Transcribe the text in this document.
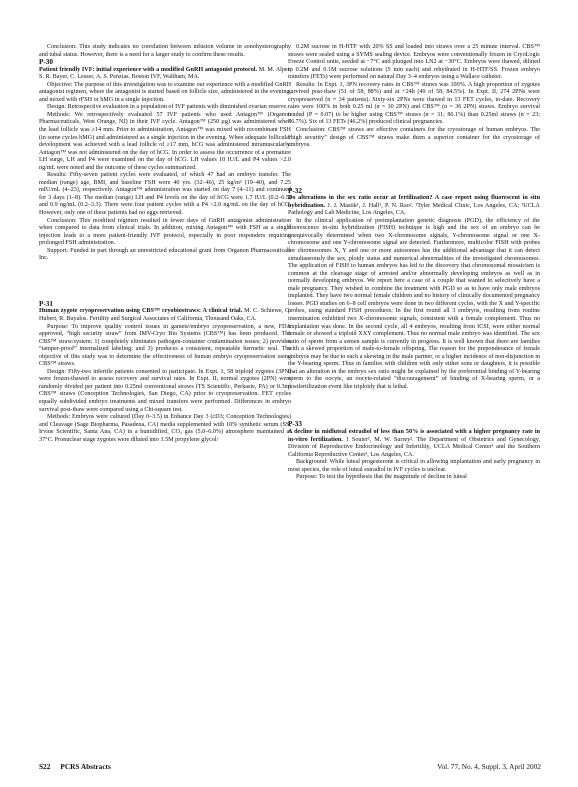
Conclusion: This study indicates no correlation between infusion volume in sonohysterography and tubal status. However, there is a need for a larger study to confirm these results.

P-30

Patient friendly IVF: initial experience with a modified GnRH antagonist protocol. M. M. Alper, S. R. Bayer, C. Lesser, A. S. Penzias. Boston IVF, Waltham, MA.

Objective: The purpose of this investigation was to examine our experience with a modified GnRH antagonist regimen, where the antagonist is started based on follicle size, administered in the evening, and mixed with rFSH or hMG in a single injection.

Design: Retrospective evaluation in a population of IVF patients with diminished ovarian reserve.

Methods: We retrospectively evaluated 57 IVF patients who used Antagon™ (Organon Pharmaceuticals, West Orange, NJ) in their IVF cycle. Antagon™ (250 µg) was administered when the lead follicle was ≥14 mm. Prior to administration, Antagon™ was mixed with recombinant FSH (in some cycles hMG) and administered as a single injection in the evening. When adequate follicular development was achieved with a lead follicle of ≥17 mm, hCG was administered intramuscularly. Antagon™ was not administered on the day of hCG. In order to assess the occurrence of a premature LH surge, LH and P4 were examined on the day of hCG. LH values 10 IU/L and P4 values >2.0 ng/mL were noted and the outcome of these cycles summarized.

Results: Fifty-seven patient cycles were evaluated, of which 47 had an embryo transfer. The median (range) age, BMI, and baseline FSH were 40 yrs. (32–46), 25 kg/m² (19–40), and 7.25 mIU/mL (4–23), respectively. Antagon™ administration was started on day 7 (4–11) and continued for 3 days (1–8). The median (range) LH and P4 levels on the day of hCG were 1.7 IU/L (0.2–6.5) and 0.9 ng/mL (0.2–3.3). There were four patient cycles with a P4 >2.0 ng/mL on the day of hCG. However, only one of these patients had no eggs retrieved.

Conclusion: This modified regimen resulted in fewer days of GnRH antagonist administration when compared to data from clinical trials. In addition, mixing Antagon™ with FSH as a single injection leads to a more patient-friendly IVF protocol, especially in poor responders requiring prolonged FSH administration.

Support: Funded in part through an unrestricted educational grant from Organon Pharmaceuticals Inc.

P-31

Human zygote cryopreservation using CBS™ cryobiostraws: A clinical trial. M. C. Schiewe, G. Hubert, R. Buyalos. Fertility and Surgical Associates of California, Thousand Oaks, CA.

Purpose: To improve quality control issues in gamete/embryo cryopreservation, a new, FDA approved, “high security straw” from IMV-Cryo Bio Systems (CBS™) has been produced. The CBS™ straw/system: 1) completely eliminates pathogen-container contamination issues; 2) provides “tamper-proof” internalized labeling; and 3) produces a consistent, repeatable hermetic seal. The objective of this study was to determine the effectiveness of human embryo cryopreservation using CBS™ straws.

Design: Fifty-two infertile patients consented to participate. In Expt. 1, 58 triploid zygotes (3PN) were frozen-thawed to assess recovery and survival rates. In Expt. II, normal zygotes (2PN) were randomly divided per patient into 0.25ml conventional straws (TS Scientific, Perkasie, PA) or 0.3ml CBS™ straws (Conception Technologies, San Diego, CA) prior to cryopreservation. FET cycles equally subdivided embryo treatments and mixed transfers were performed. Differences in embryo survival post-thaw were compared using a Chi-square test.

Methods: Embryos were cultured (Day 0–3.5) in Enhance Day 3 (cD3; Conception Technologies) and Cleavage (Sage Biopharma, Pasadena, CA) media supplemented with 10% synthetic serum (SS; Irvine Scientific, Santa Ana, CA) in a humidified, CO₂ gas (5.0–6.0%) atmosphere maintained at 37°C. Pronuclear stage zygotes were diluted into 1.5M propylene glycol/

0.2M sucrose in H-HTF with 20% SS and loaded into straws over a 25 minute interval. CBS™ straws were sealed using a SYMS sealing device. Embryos were conventionally frozen in CryoLogic Freeze Control units, seeded at −7°C and plunged into LN2 at −30°C. Embryos were thawed, diluted in 0.2M and 0.1M sucrose solutions (5 min each) and rehydrated in H-HTF/SS. Frozen embryo transfers (FETs) were performed on natural Day 3–4 embryos using a Wallace catheter.

Results: In Expt. 1, 3PN recovery rates in CBS™ straws was 100%. A high proportion of zygotes survived post-thaw (51 of 58, 88%) and at +24h (49 of 58, 84.5%). In Expt. II, 274 2PNs were cryopreserved (n = 34 patients). Sixty-six 2PNs were thawed in 13 FET cycles, to-date. Recovery rates were 100% in both 0.25 ml (n = 30 2PN) and CBS™ (n = 36 2PN) straws. Embryo survival tended (P = 0.07) to be higher using CBS™ straws (n = 31; 86.1%) than 0.25ml straws (n = 23; 76.7%). Six of 13 FETs (46.2%) produced clinical pregnancies.

Conclusion: CBS™ straws are effective containers for the cryostorage of human embryos. The “high security” design of CBS™ straws make them a superior container for the cryostorage of embryos.

P-32

Do alterations in the sex ratio occur at fertilization? A case report using fluorescent in situ hybridization. J. J. Mastik¹, J. Hall¹, P. N. Rao². ¹Tyler Medical Clinic, Los Angeles, CA; ²UCLA Pathology and Lab Medicine, Los Angeles, CA.

In the clinical application of preimplantation genetic diagnosis (PGD), the efficiency of the fluorescence in-situ hybridization (FISH) technique is high and the sex of an embryo can be unequivocally determined when two X-chromosome signals, Y-chromosome signal or one X-chromosome and one Y-chromosome signal are detected. Furthermore, multicolor FISH with probes for chromosomes X, Y and one or more autosomes has the additional advantage that it can detect simultaneously the sex, ploidy status and numerical abnormalities of the investigated chromosomes. The application of FISH to human embryos has led to the discovery that chromosomal mosaicism is common at the cleavage stage of arrested and/or abnormally developing embryos as well as in normally developing embryos. We report here a case of a couple that wanted to selectively have a male pregnancy. They wished to combine the treatment with PGD so as to have only male embryos implanted. They have two normal female children and no history of clinically documented pregnancy losses. PGD studies on 6–8 cell embryos were done in two different cycles, with the X and Y-specific probes, using standard FISH procedures. In the first round all 3 embryos, resulting from routine insemination exhibited two X-chromosome signals, consistent with a female complement. Thus no implantation was done. In the second cycle, all 4 embryos, resulting from ICSI, were either normal female or showed a triploid XXY complement. Thus no normal male embryo was identified. The sex ratio of sperm from a semen sample is currently in progress. It is well known that there are families with a skewed proportion of male-to-female offspring. The reason for the preponderance of female embryos may be due to such a skewing in the male partner, or a higher incidence of non-disjunction in the Y-bearing sperm. Thus in families with children with only either sons or daughters, it is possible that an alteration in the embryo sex ratio might be explained by the preferential binding of Y-bearing sperm to the oocyte, an oocyte-related “discouragement” of binding of X-bearing sperm, or a postfertilization event like triploidy that is lethal.

P-33

A decline in midluteal estradiol of less than 50% is associated with a higher pregnancy rate in in-vitro fertilization. 1 Souter¹, M. W. Surrey². The Department of Obstetrics and Gynecology, Division of Reproductive Endocrinology and Infertility, UCLA Medical Center¹ and the Southern California Reproductive Center², Los Angeles, CA.

Background: While luteal progesterone is critical in allowing implantation and early pregnancy in most species, the role of luteal estradiol in IVF cycles is unclear.

Purpose: To test the hypothesis that the magnitude of decline in luteal

S22 PCRS Abstracts	Vol. 77, No. 4, Suppl. 3, April 2002
